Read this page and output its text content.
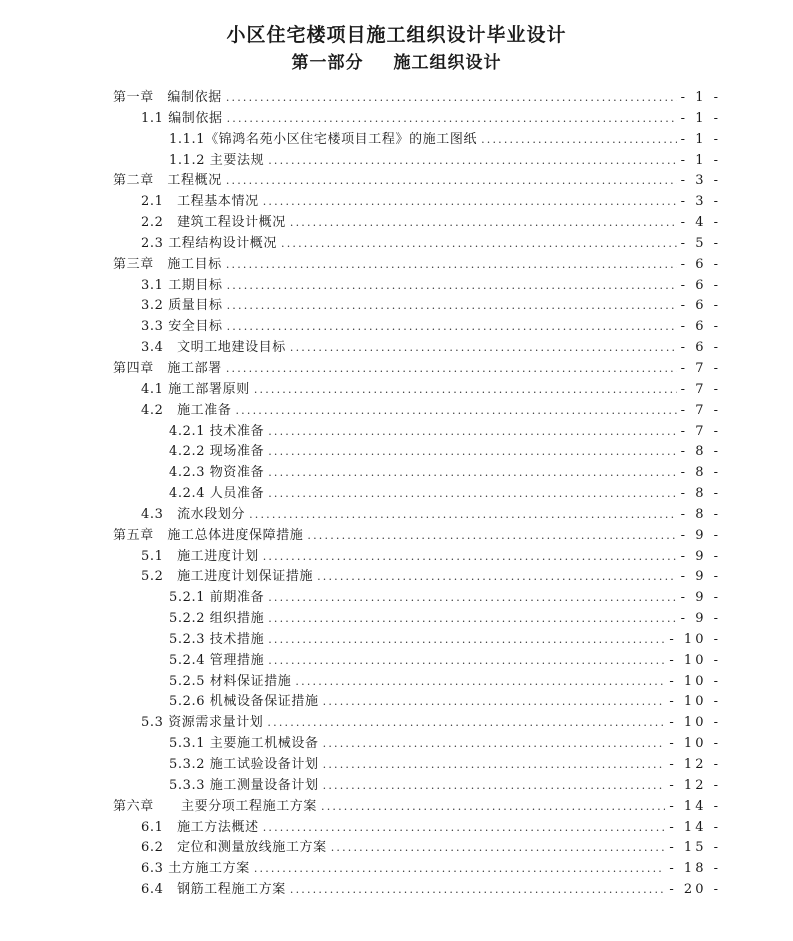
小区住宅楼项目施工组织设计毕业设计
第一部分 施工组织设计
第一章　编制依据 .....	- 1 -
1.1 编制依据 .....	- 1 -
1.1.1《锦鸿名苑小区住宅楼项目工程》的施工图纸 .....	- 1 -
1.1.2 主要法规 .....	- 1 -
第二章　工程概况 .....	- 3 -
2.1　工程基本情况 .....	- 3 -
2.2　建筑工程设计概况 .....	- 4 -
2.3 工程结构设计概况 .....	- 5 -
第三章　施工目标 .....	- 6 -
3.1 工期目标 .....	- 6 -
3.2 质量目标 .....	- 6 -
3.3 安全目标 .....	- 6 -
3.4　文明工地建设目标 .....	- 6 -
第四章　施工部署 .....	- 7 -
4.1 施工部署原则 .....	- 7 -
4.2　施工准备 .....	- 7 -
4.2.1 技术准备 .....	- 7 -
4.2.2 现场准备 .....	- 8 -
4.2.3 物资准备 .....	- 8 -
4.2.4 人员准备 .....	- 8 -
4.3　流水段划分 .....	- 8 -
第五章　施工总体进度保障措施 .....	- 9 -
5.1　施工进度计划 .....	- 9 -
5.2　施工进度计划保证措施 .....	- 9 -
5.2.1 前期准备 .....	- 9 -
5.2.2 组织措施 .....	- 9 -
5.2.3 技术措施 .....	- 10 -
5.2.4 管理措施 .....	- 10 -
5.2.5 材料保证措施 .....	- 10 -
5.2.6 机械设备保证措施 .....	- 10 -
5.3 资源需求量计划 .....	- 10 -
5.3.1 主要施工机械设备 .....	- 10 -
5.3.2 施工试验设备计划 .....	- 12 -
5.3.3 施工测量设备计划 .....	- 12 -
第六章　　主要分项工程施工方案 .....	- 14 -
6.1　施工方法概述 .....	- 14 -
6.2　定位和测量放线施工方案 .....	- 15 -
6.3 土方施工方案 .....	- 18 -
6.4　钢筋工程施工方案 .....	- 20 -
